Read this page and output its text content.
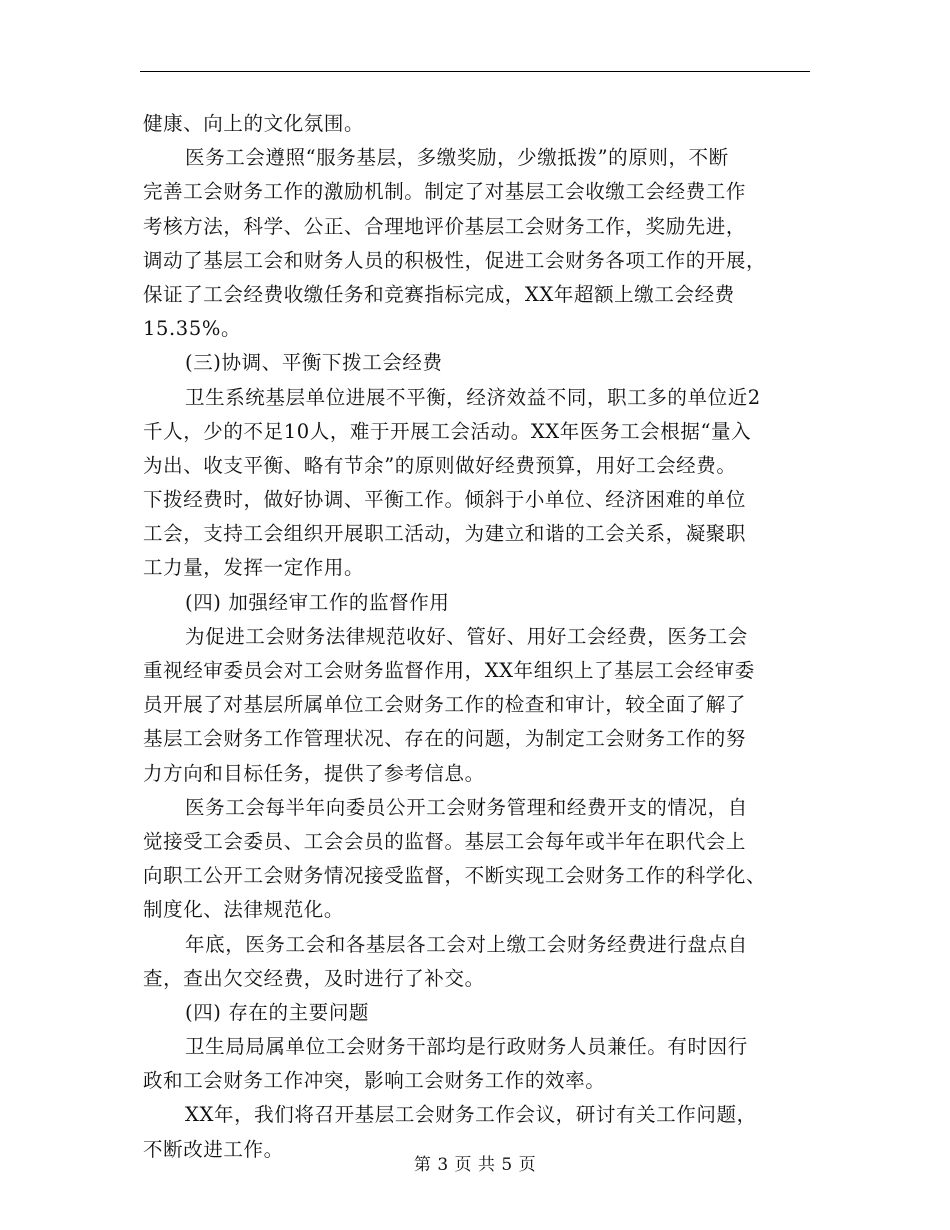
健康、向上的文化氛围。
医务工会遵照“服务基层，多缴奖励，少缴抵拨”的原则，不断
完善工会财务工作的激励机制。制定了对基层工会收缴工会经费工作
考核方法，科学、公正、合理地评价基层工会财务工作，奖励先进，
调动了基层工会和财务人员的积极性，促进工会财务各项工作的开展，
保证了工会经费收缴任务和竞赛指标完成，XX年超额上缴工会经费
15.35%。
(三)协调、平衡下拨工会经费
卫生系统基层单位进展不平衡，经济效益不同，职工多的单位近2
千人，少的不足10人，难于开展工会活动。XX年医务工会根据“量入
为出、收支平衡、略有节余”的原则做好经费预算，用好工会经费。
下拨经费时，做好协调、平衡工作。倾斜于小单位、经济困难的单位
工会，支持工会组织开展职工活动，为建立和谐的工会关系，凝聚职
工力量，发挥一定作用。
(四) 加强经审工作的监督作用
为促进工会财务法律规范收好、管好、用好工会经费，医务工会
重视经审委员会对工会财务监督作用，XX年组织上了基层工会经审委
员开展了对基层所属单位工会财务工作的检查和审计，较全面了解了
基层工会财务工作管理状况、存在的问题，为制定工会财务工作的努
力方向和目标任务，提供了参考信息。
医务工会每半年向委员公开工会财务管理和经费开支的情况，自
觉接受工会委员、工会会员的监督。基层工会每年或半年在职代会上
向职工公开工会财务情况接受监督，不断实现工会财务工作的科学化、
制度化、法律规范化。
年底，医务工会和各基层各工会对上缴工会财务经费进行盘点自
查，查出欠交经费，及时进行了补交。
(四) 存在的主要问题
卫生局局属单位工会财务干部均是行政财务人员兼任。有时因行
政和工会财务工作冲突，影响工会财务工作的效率。
XX年，我们将召开基层工会财务工作会议，研讨有关工作问题，
不断改进工作。
第 3 页 共 5 页
